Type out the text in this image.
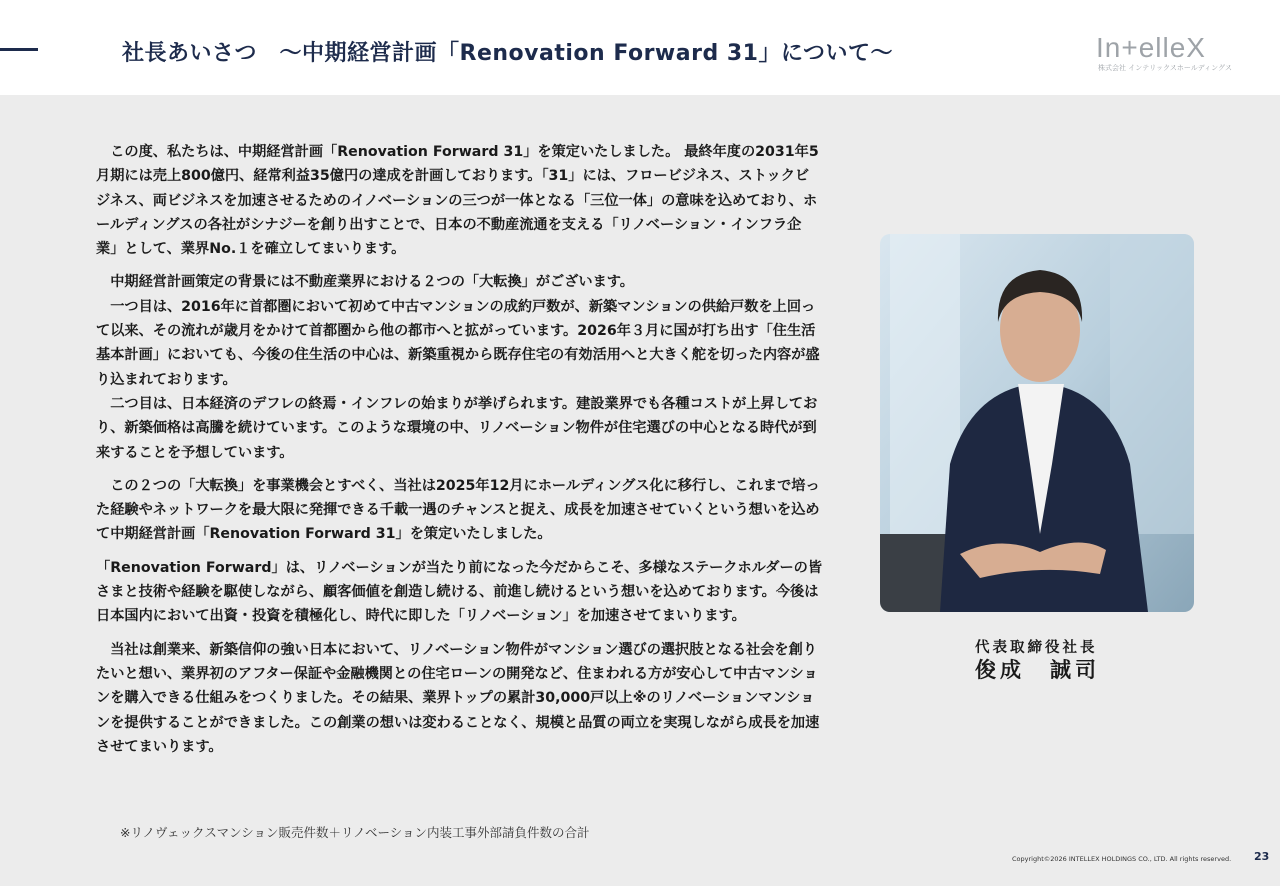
社長あいさつ　～中期経営計画「Renovation Forward 31」について～	In+elleX
株式会社 インテリックスホールディングス

この度、私たちは、中期経営計画「Renovation Forward 31」を策定いたしました。 最終年度の2031年5月期には売上800億円、経常利益35億円の達成を計画しております。「31」には、フロービジネス、ストックビジネス、両ビジネスを加速させるためのイノベーションの三つが一体となる「三位一体」の意味を込めており、ホールディングスの各社がシナジーを創り出すことで、日本の不動産流通を支える「リノベーション・インフラ企業」として、業界No.１を確立してまいります。

中期経営計画策定の背景には不動産業界における２つの「大転換」がございます。

一つ目は、2016年に首都圏において初めて中古マンションの成約戸数が、新築マンションの供給戸数を上回って以来、その流れが歳月をかけて首都圏から他の都市へと拡がっています。2026年３月に国が打ち出す「住生活基本計画」においても、今後の住生活の中心は、新築重視から既存住宅の有効活用へと大きく舵を切った内容が盛り込まれております。

二つ目は、日本経済のデフレの終焉・インフレの始まりが挙げられます。建設業界でも各種コストが上昇しており、新築価格は高騰を続けています。このような環境の中、リノベーション物件が住宅選びの中心となる時代が到来することを予想しています。

この２つの「大転換」を事業機会とすべく、当社は2025年12月にホールディングス化に移行し、これまで培った経験やネットワークを最大限に発揮できる千載一遇のチャンスと捉え、成長を加速させていくという想いを込めて中期経営計画「Renovation Forward 31」を策定いたしました。

「Renovation Forward」は、リノベーションが当たり前になった今だからこそ、多様なステークホルダーの皆さまと技術や経験を駆使しながら、顧客価値を創造し続ける、前進し続けるという想いを込めております。今後は日本国内において出資・投資を積極化し、時代に即した「リノベーション」を加速させてまいります。

当社は創業来、新築信仰の強い日本において、リノベーション物件がマンション選びの選択肢となる社会を創りたいと想い、業界初のアフター保証や金融機関との住宅ローンの開発など、住まわれる方が安心して中古マンションを購入できる仕組みをつくりました。その結果、業界トップの累計30,000戸以上※のリノベーションマンションを提供することができました。この創業の想いは変わることなく、規模と品質の両立を実現しながら成長を加速させてまいります。

※リノヴェックスマンション販売件数＋リノベーション内装工事外部請負件数の合計
代表取締役社長
俊成　誠司
Copyright©2026 INTELLEX HOLDINGS CO., LTD. All rights reserved. 23
